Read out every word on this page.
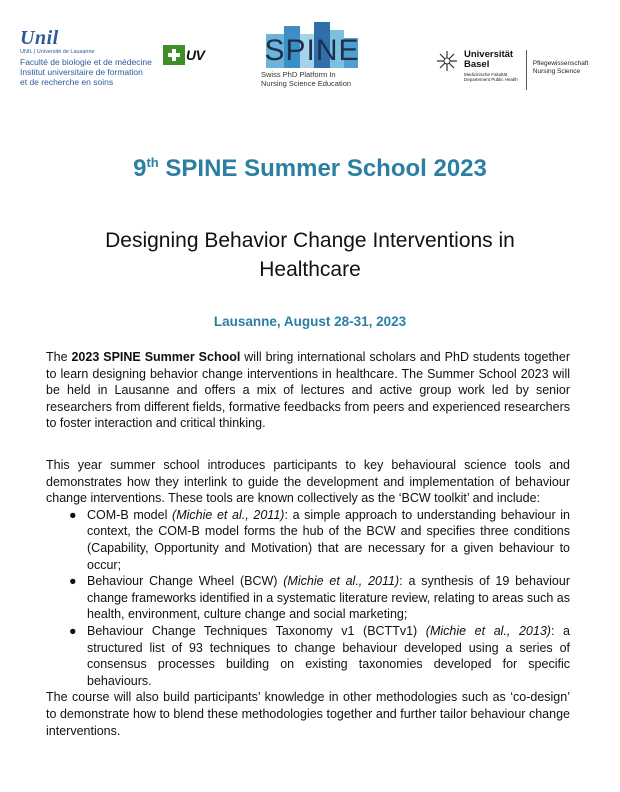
Unil
UNIL | Université de Lausanne
Faculté de biologie et de médecine
Institut universitaire de formation
et de recherche en soins
UV SPINE
Swiss PhD Platform In
Nursing Science Education
Universität
Basel
Medizinische Fakultät
Departement Public Health
Pflegewissenschaft
Nursing Science
9th SPINE Summer School 2023
Designing Behavior Change Interventions in Healthcare
Lausanne, August 28-31, 2023
The 2023 SPINE Summer School will bring international scholars and PhD students together to learn designing behavior change interventions in healthcare. The Summer School 2023 will be held in Lausanne and offers a mix of lectures and active group work led by senior researchers from different fields, formative feedbacks from peers and experienced researchers to foster interaction and critical thinking.
This year summer school introduces participants to key behavioural science tools and demonstrates how they interlink to guide the development and implementation of behaviour change interventions. These tools are known collectively as the ‘BCW toolkit’ and include:
● COM-B model (Michie et al., 2011): a simple approach to understanding behaviour in context, the COM-B model forms the hub of the BCW and specifies three conditions (Capability, Opportunity and Motivation) that are necessary for a given behaviour to occur;
● Behaviour Change Wheel (BCW) (Michie et al., 2011): a synthesis of 19 behaviour change frameworks identified in a systematic literature review, relating to areas such as health, environment, culture change and social marketing;
● Behaviour Change Techniques Taxonomy v1 (BCTTv1) (Michie et al., 2013): a structured list of 93 techniques to change behaviour developed using a series of consensus processes building on existing taxonomies developed for specific behaviours.
The course will also build participants’ knowledge in other methodologies such as ‘co-design’ to demonstrate how to blend these methodologies together and further tailor behaviour change interventions.
